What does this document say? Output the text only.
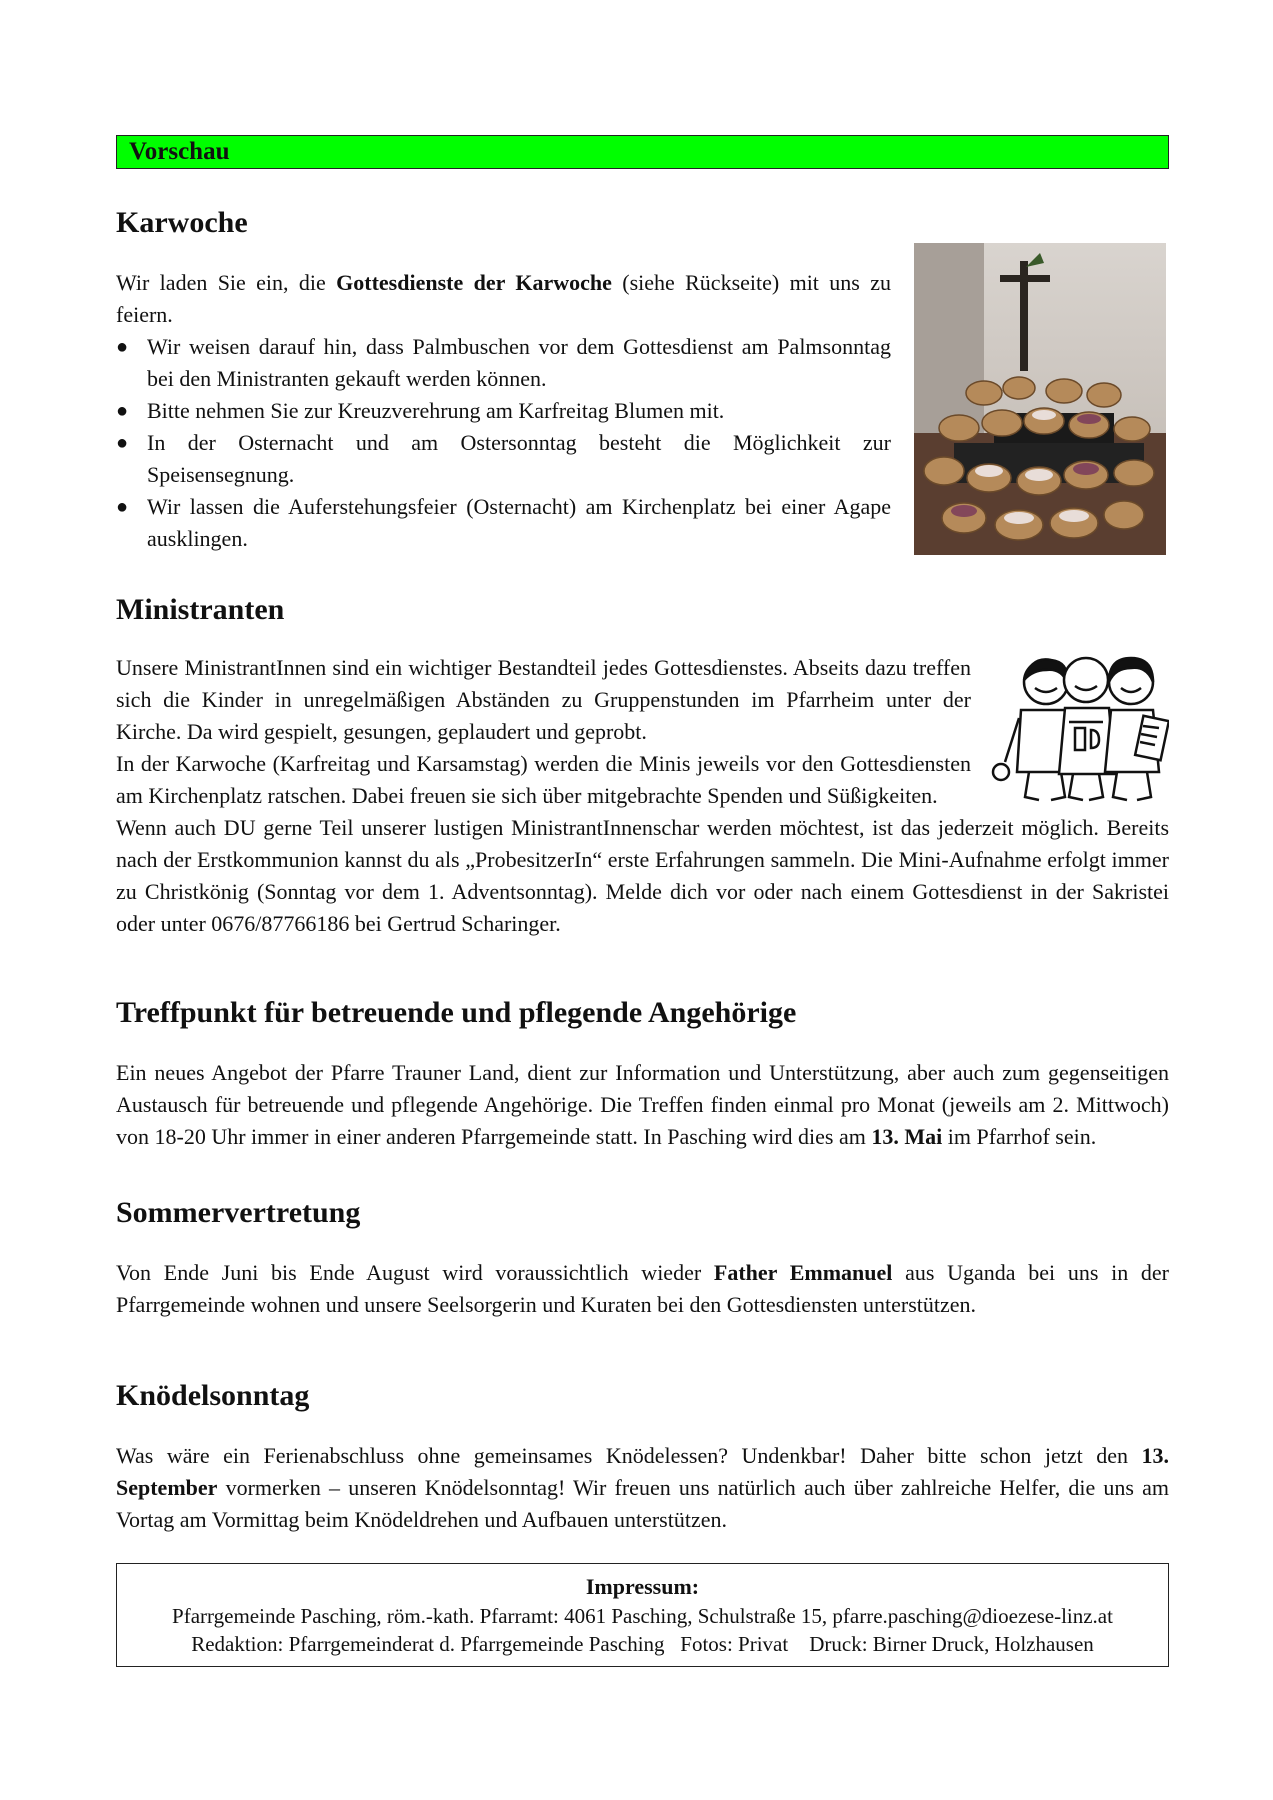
Vorschau
Karwoche

Wir laden Sie ein, die Gottesdienste der Karwoche (siehe Rückseite) mit uns zu feiern.

● Wir weisen darauf hin, dass Palmbuschen vor dem Gottesdienst am Palmsonntag bei den Ministranten gekauft werden können.
● Bitte nehmen Sie zur Kreuzverehrung am Karfreitag Blumen mit.
● In der Osternacht und am Ostersonntag besteht die Möglichkeit zur Speisensegnung.
● Wir lassen die Auferstehungsfeier (Osternacht) am Kirchenplatz bei einer Agape ausklingen.
Ministranten

Unsere MinistrantInnen sind ein wichtiger Bestandteil jedes Gottesdienstes. Abseits dazu treffen sich die Kinder in unregelmäßigen Abständen zu Gruppenstunden im Pfarrheim unter der Kirche. Da wird gespielt, gesungen, geplaudert und geprobt.

In der Karwoche (Karfreitag und Karsamstag) werden die Minis jeweils vor den Gottesdiensten am Kirchenplatz ratschen. Dabei freuen sie sich über mitgebrachte Spenden und Süßigkeiten.

Wenn auch DU gerne Teil unserer lustigen MinistrantInnenschar werden möchtest, ist das jederzeit möglich. Bereits nach der Erstkommunion kannst du als „ProbesitzerIn“ erste Erfahrungen sammeln. Die Mini-Aufnahme erfolgt immer zu Christkönig (Sonntag vor dem 1. Adventsonntag). Melde dich vor oder nach einem Gottesdienst in der Sakristei oder unter 0676/87766186 bei Gertrud Scharinger.

Treffpunkt für betreuende und pflegende Angehörige

Ein neues Angebot der Pfarre Trauner Land, dient zur Information und Unterstützung, aber auch zum gegenseitigen Austausch für betreuende und pflegende Angehörige. Die Treffen finden einmal pro Monat (jeweils am 2. Mittwoch) von 18-20 Uhr immer in einer anderen Pfarrgemeinde statt. In Pasching wird dies am 13. Mai im Pfarrhof sein.

Sommervertretung

Von Ende Juni bis Ende August wird voraussichtlich wieder Father Emmanuel aus Uganda bei uns in der Pfarrgemeinde wohnen und unsere Seelsorgerin und Kuraten bei den Gottesdiensten unterstützen.

Knödelsonntag

Was wäre ein Ferienabschluss ohne gemeinsames Knödelessen? Undenkbar! Daher bitte schon jetzt den 13. September vormerken – unseren Knödelsonntag! Wir freuen uns natürlich auch über zahlreiche Helfer, die uns am Vortag am Vormittag beim Knödeldrehen und Aufbauen unterstützen.

Impressum:
Pfarrgemeinde Pasching, röm.-kath. Pfarramt: 4061 Pasching, Schulstraße 15, pfarre.pasching@dioezese-linz.at
Redaktion: Pfarrgemeinderat d. Pfarrgemeinde Pasching   Fotos: Privat    Druck: Birner Druck, Holzhausen
